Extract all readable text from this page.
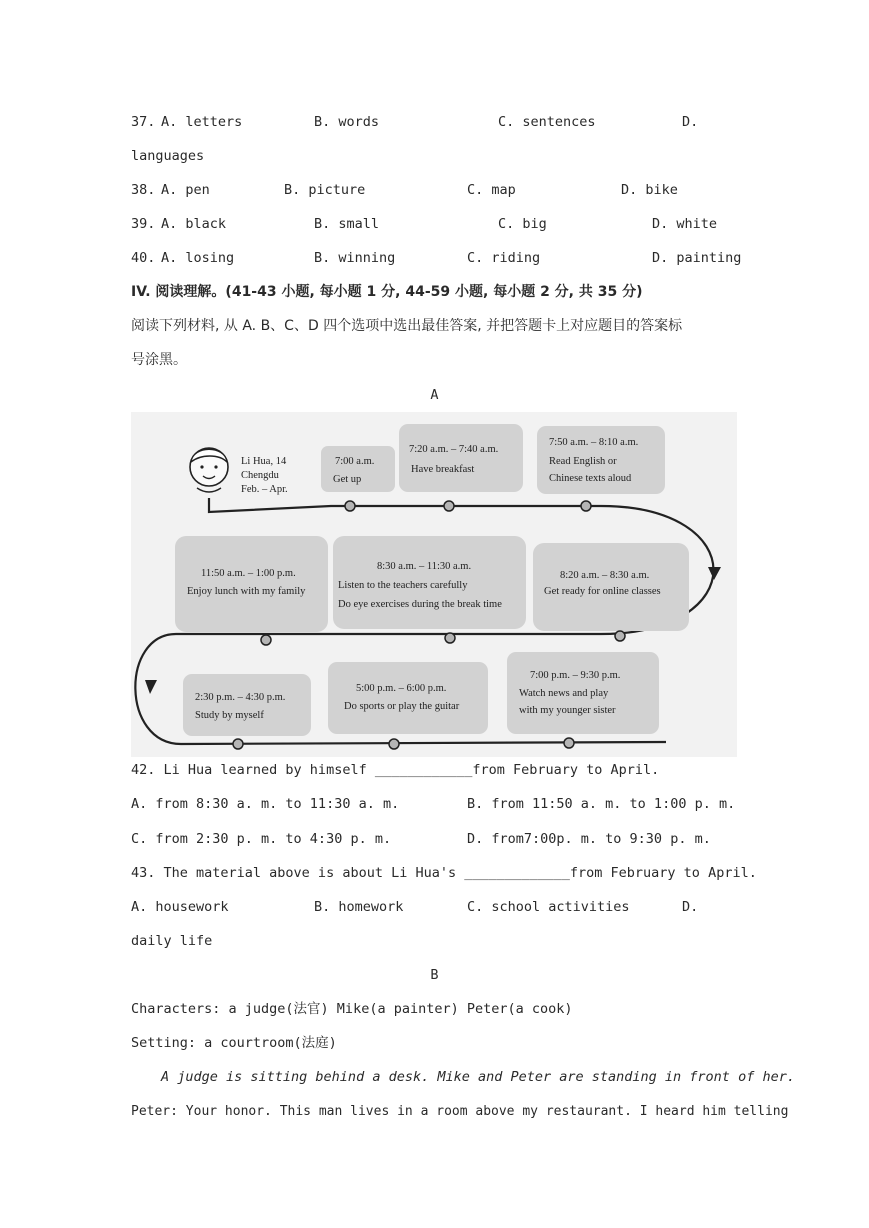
37. A. letters	B. words	C. sentences	D.
languages
38. A. pen	B. picture	C. map	D. bike
39. A. black	B. small	C. big	D. white
40. A. losing	B. winning	C. riding	D. painting
IV. 阅读理解。(41-43 小题, 每小题 1 分, 44-59 小题, 每小题 2 分, 共 35 分)
阅读下列材料, 从 A. B、C、D 四个选项中选出最佳答案, 并把答题卡上对应题目的答案标
号涂黑。
A
Li Hua, 14
Chengdu
Feb. – Apr.
7:00 a.m.
Get up
7:20 a.m. – 7:40 a.m.
Have breakfast
7:50 a.m. – 8:10 a.m.
Read English or
Chinese texts aloud
11:50 a.m. – 1:00 p.m.
Enjoy lunch with my family
8:30 a.m. – 11:30 a.m.
Listen to the teachers carefully
Do eye exercises during the break time
8:20 a.m. – 8:30 a.m.
Get ready for online classes
2:30 p.m. – 4:30 p.m.
Study by myself
5:00 p.m. – 6:00 p.m.
Do sports or play the guitar
7:00 p.m. – 9:30 p.m.
Watch news and play
with my younger sister
42. Li Hua learned by himself ____________from February to April.
A. from 8:30 a. m. to 11:30 a. m.	B. from 11:50 a. m. to 1:00 p. m.
C. from 2:30 p. m. to 4:30 p. m.	D. from7:00p. m. to 9:30 p. m.
43. The material above is about Li Hua's _____________from February to April.
A. housework	B. homework	C. school activities	D.
daily life
B
Characters: a judge(法官) Mike(a painter) Peter(a cook)
Setting: a courtroom(法庭)
A judge is sitting behind a desk. Mike and Peter are standing in front of her.
Peter: Your honor. This man lives in a room above my restaurant. I heard him telling
